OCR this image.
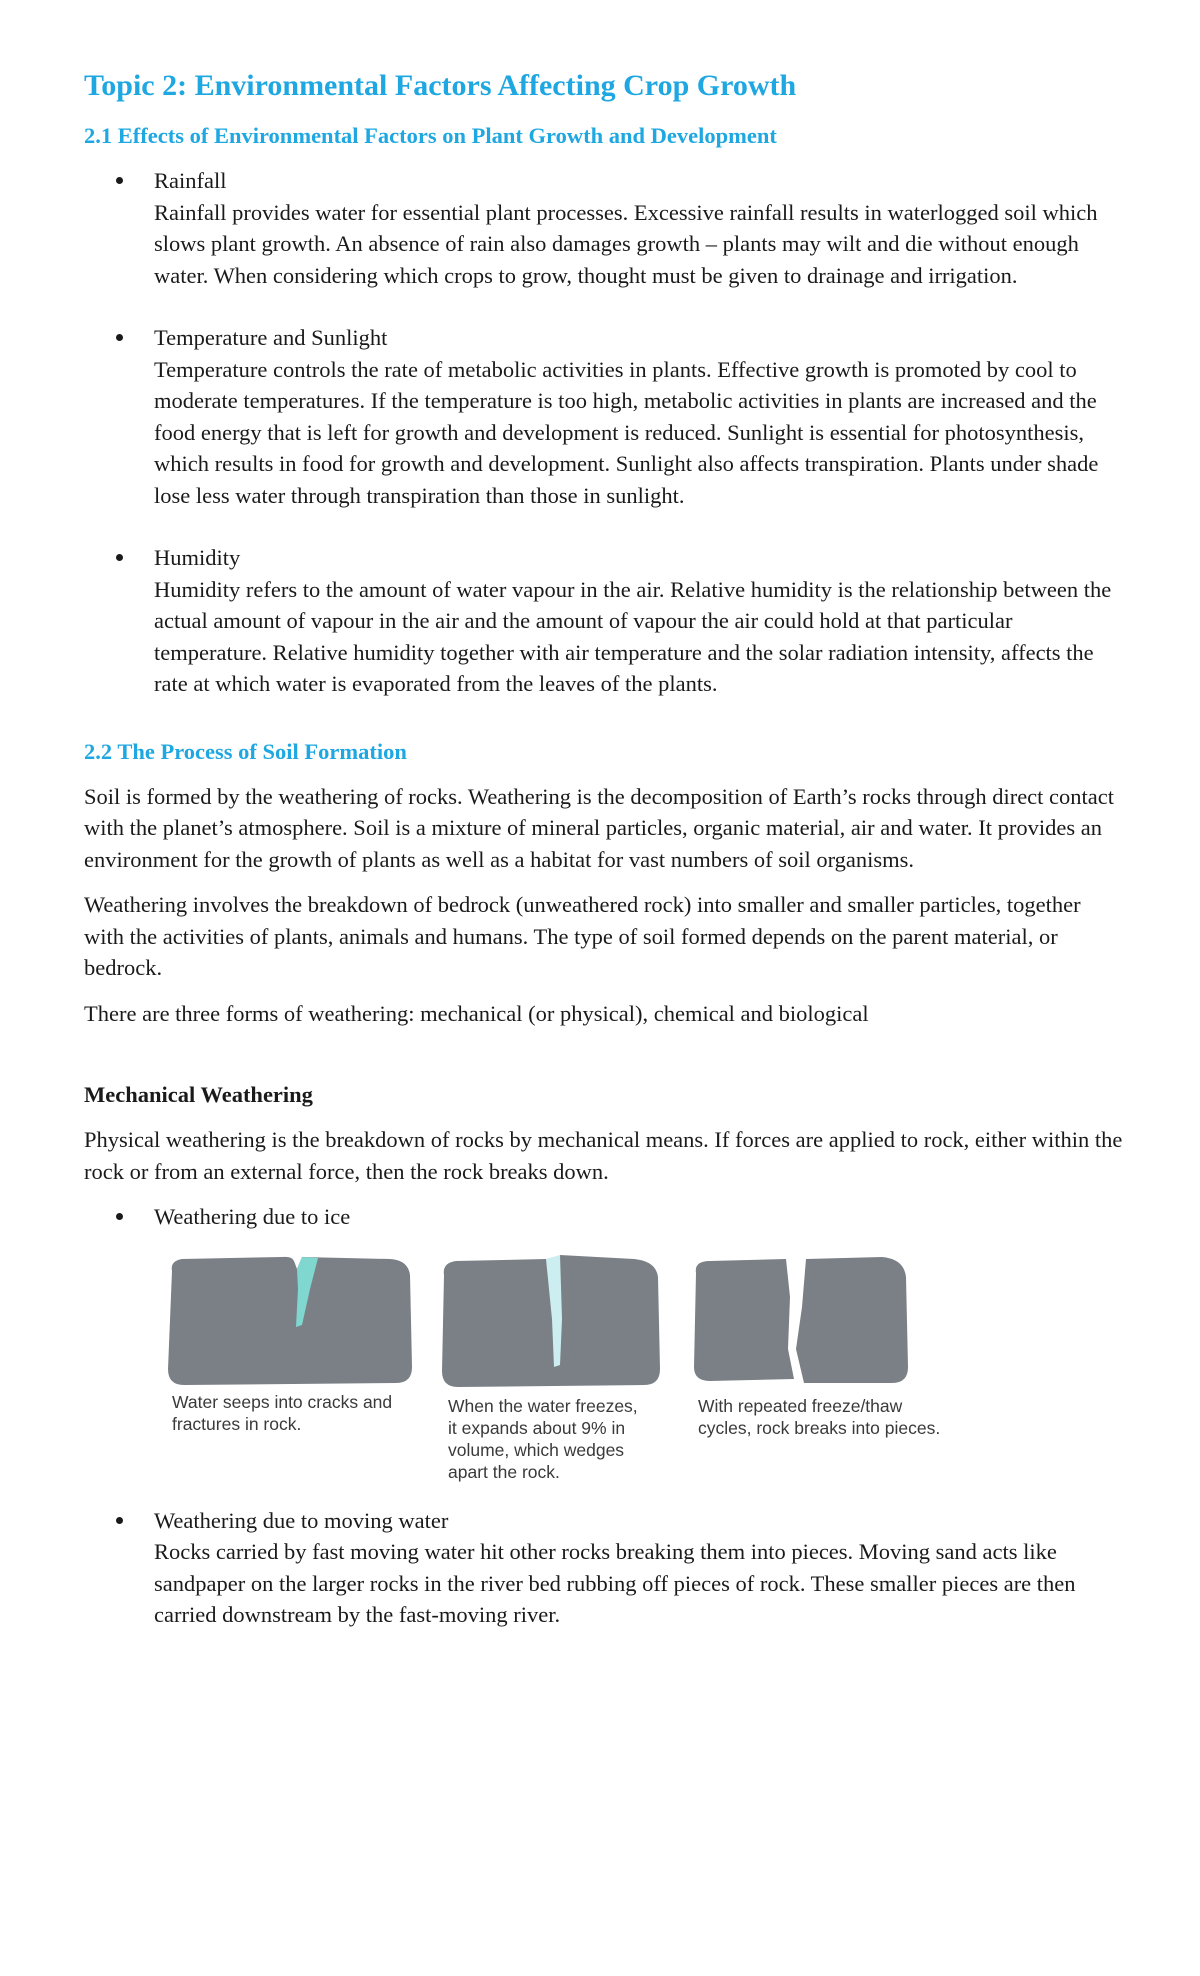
Topic 2: Environmental Factors Affecting Crop Growth
2.1 Effects of Environmental Factors on Plant Growth and Development

Rainfall

Rainfall provides water for essential plant processes. Excessive rainfall results in waterlogged soil which slows plant growth. An absence of rain also damages growth – plants may wilt and die without enough water. When considering which crops to grow, thought must be given to drainage and irrigation.

Temperature and Sunlight

Temperature controls the rate of metabolic activities in plants. Effective growth is promoted by cool to moderate temperatures. If the temperature is too high, metabolic activities in plants are increased and the food energy that is left for growth and development is reduced. Sunlight is essential for photosynthesis, which results in food for growth and development. Sunlight also affects transpiration. Plants under shade lose less water through transpiration than those in sunlight.

Humidity

Humidity refers to the amount of water vapour in the air. Relative humidity is the relationship between the actual amount of vapour in the air and the amount of vapour the air could hold at that particular temperature. Relative humidity together with air temperature and the solar radiation intensity, affects the rate at which water is evaporated from the leaves of the plants.

2.2 The Process of Soil Formation

Soil is formed by the weathering of rocks. Weathering is the decomposition of Earth’s rocks through direct contact with the planet’s atmosphere. Soil is a mixture of mineral particles, organic material, air and water. It provides an environment for the growth of plants as well as a habitat for vast numbers of soil organisms.

Weathering involves the breakdown of bedrock (unweathered rock) into smaller and smaller particles, together with the activities of plants, animals and humans. The type of soil formed depends on the parent material, or bedrock.

There are three forms of weathering: mechanical (or physical), chemical and biological

Mechanical Weathering

Physical weathering is the breakdown of rocks by mechanical means. If forces are applied to rock, either within the rock or from an external force, then the rock breaks down.

Weathering due to ice

Water seeps into cracks and
fractures in rock.
When the water freezes,
it expands about 9% in
volume, which wedges
apart the rock.
With repeated freeze/thaw
cycles, rock breaks into pieces.

Weathering due to moving water

Rocks carried by fast moving water hit other rocks breaking them into pieces. Moving sand acts like sandpaper on the larger rocks in the river bed rubbing off pieces of rock. These smaller pieces are then carried downstream by the fast-moving river.
